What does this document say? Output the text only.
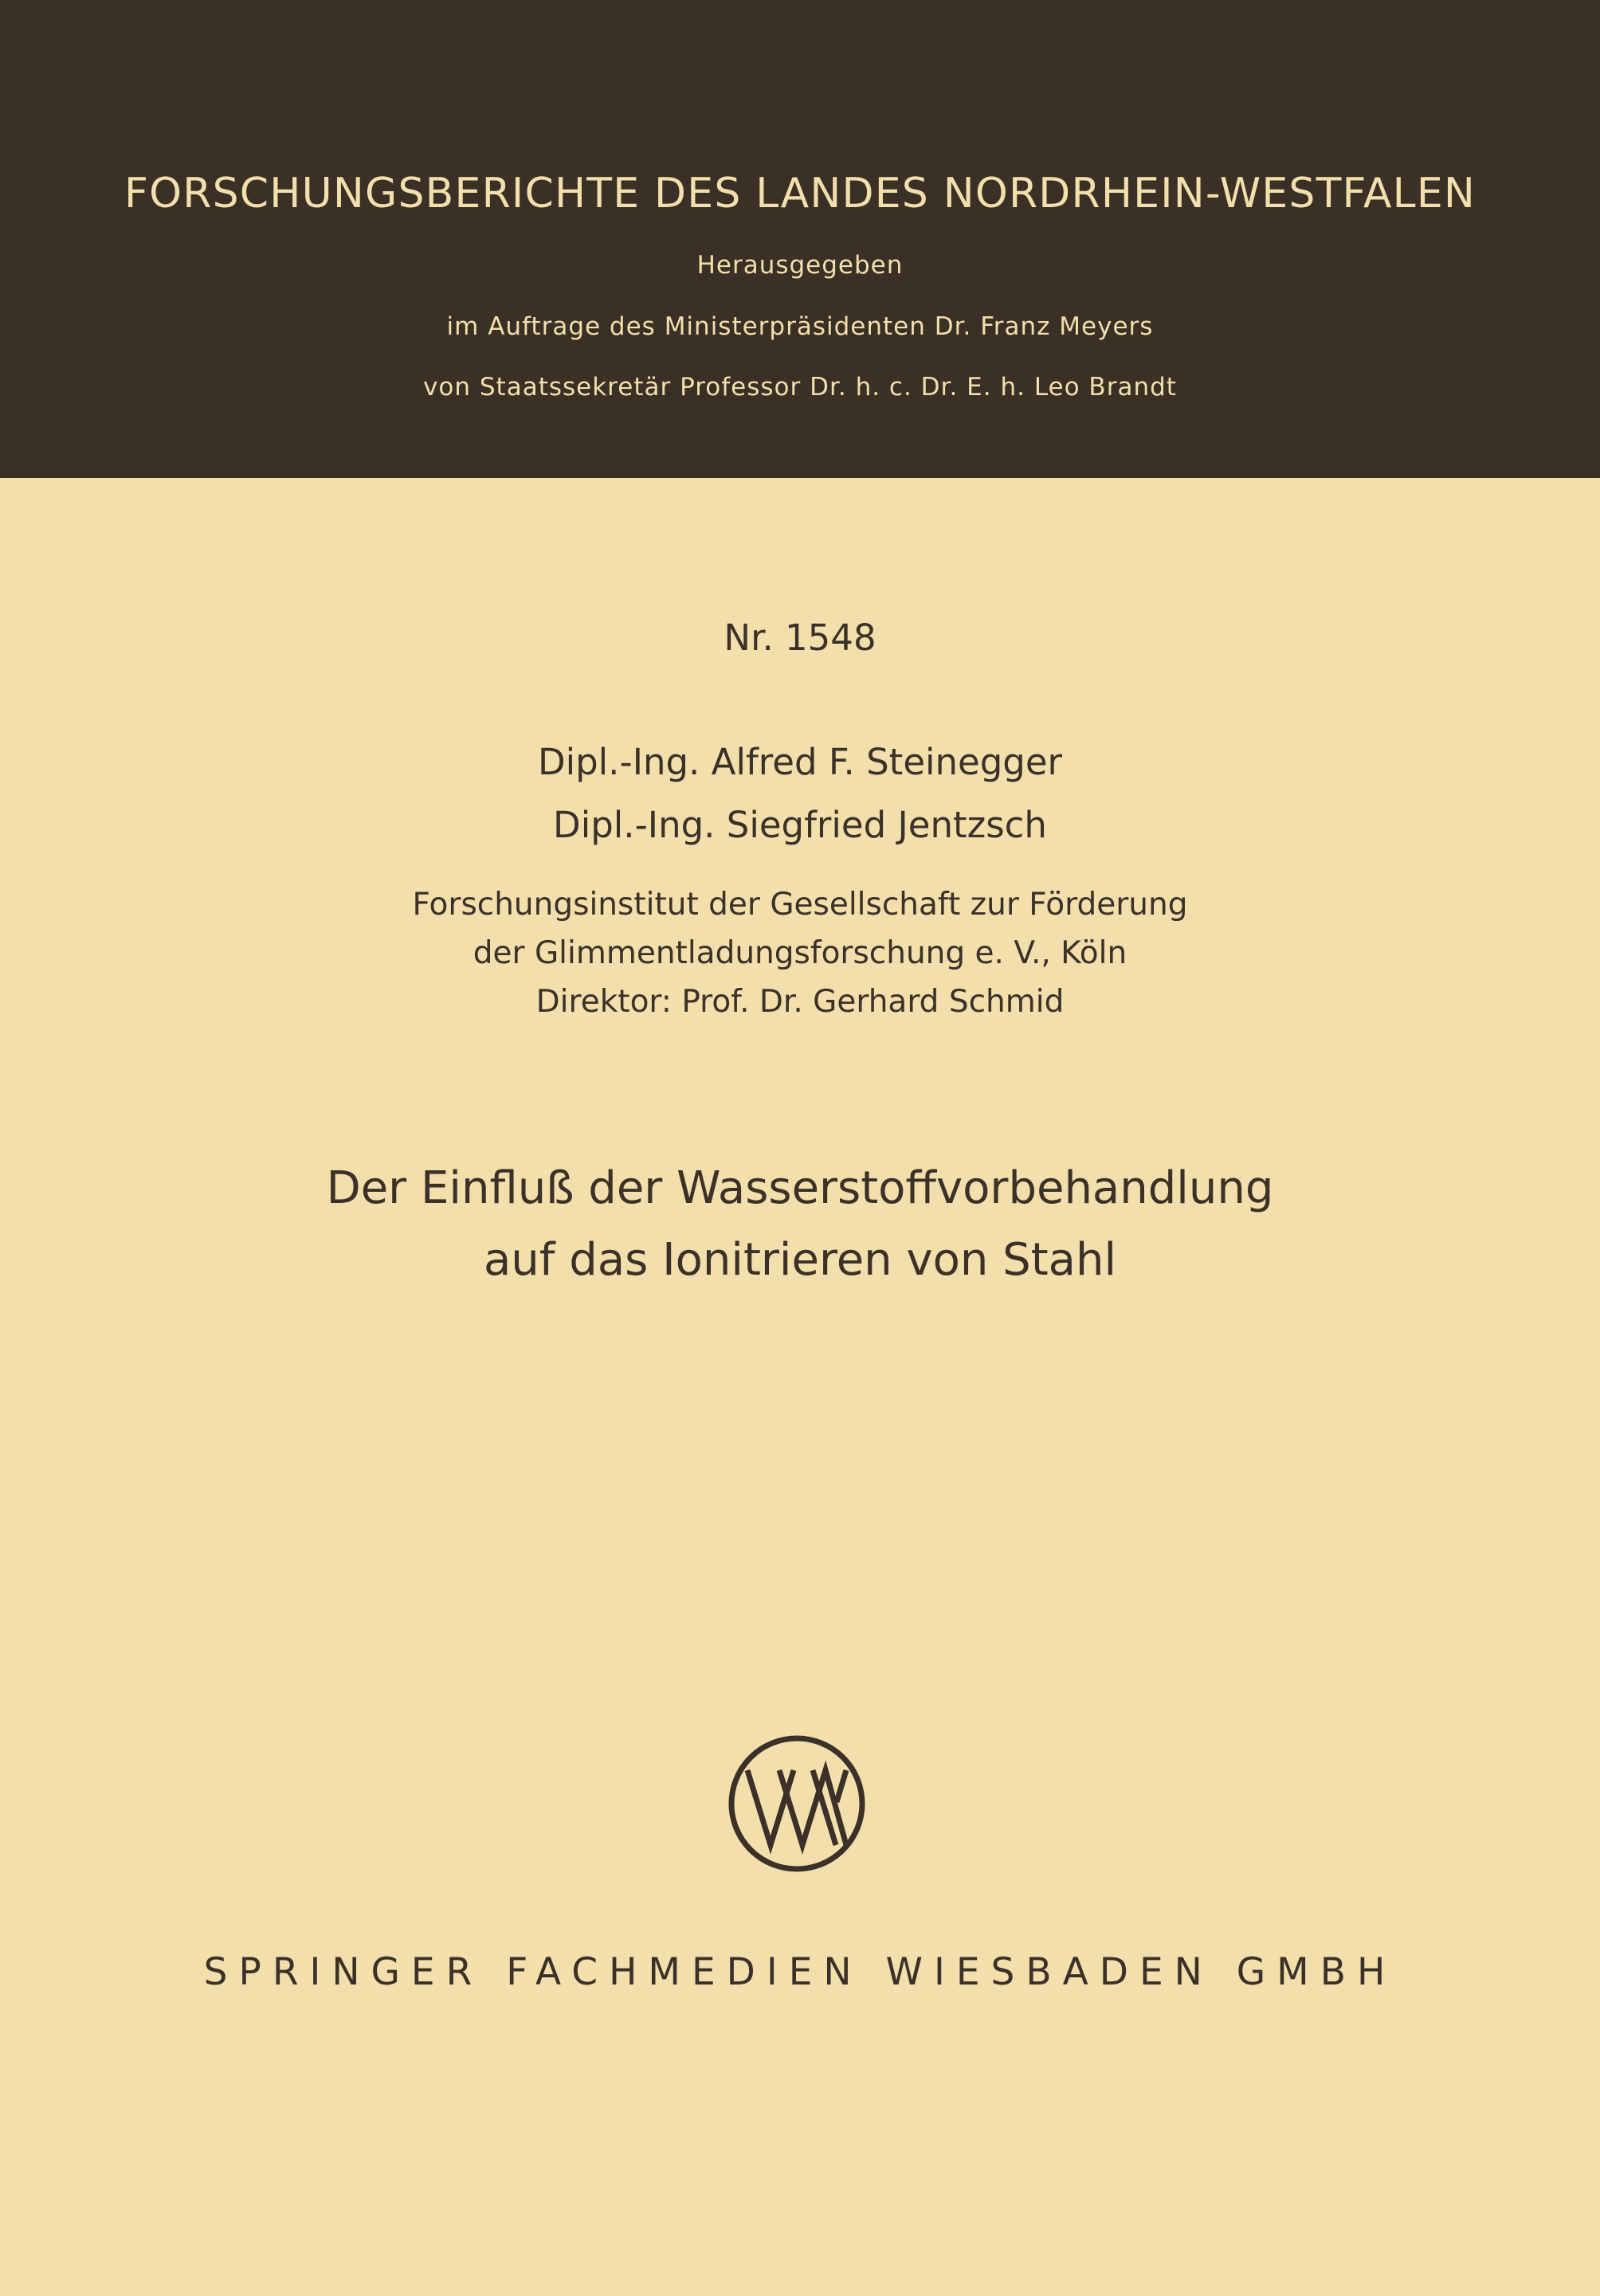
FORSCHUNGSBERICHTE DES LANDES NORDRHEIN-WESTFALEN
Herausgegeben
im Auftrage des Ministerpräsidenten Dr. Franz Meyers
von Staatssekretär Professor Dr. h. c. Dr. E. h. Leo Brandt
Nr. 1548
Dipl.-Ing. Alfred F. Steinegger
Dipl.-Ing. Siegfried Jentzsch
Forschungsinstitut der Gesellschaft zur Förderung
der Glimmentladungsforschung e. V., Köln
Direktor: Prof. Dr. Gerhard Schmid
Der Einfluß der Wasserstoffvorbehandlung
auf das Ionitrieren von Stahl
SPRINGER FACHMEDIEN WIESBADEN GMBH
